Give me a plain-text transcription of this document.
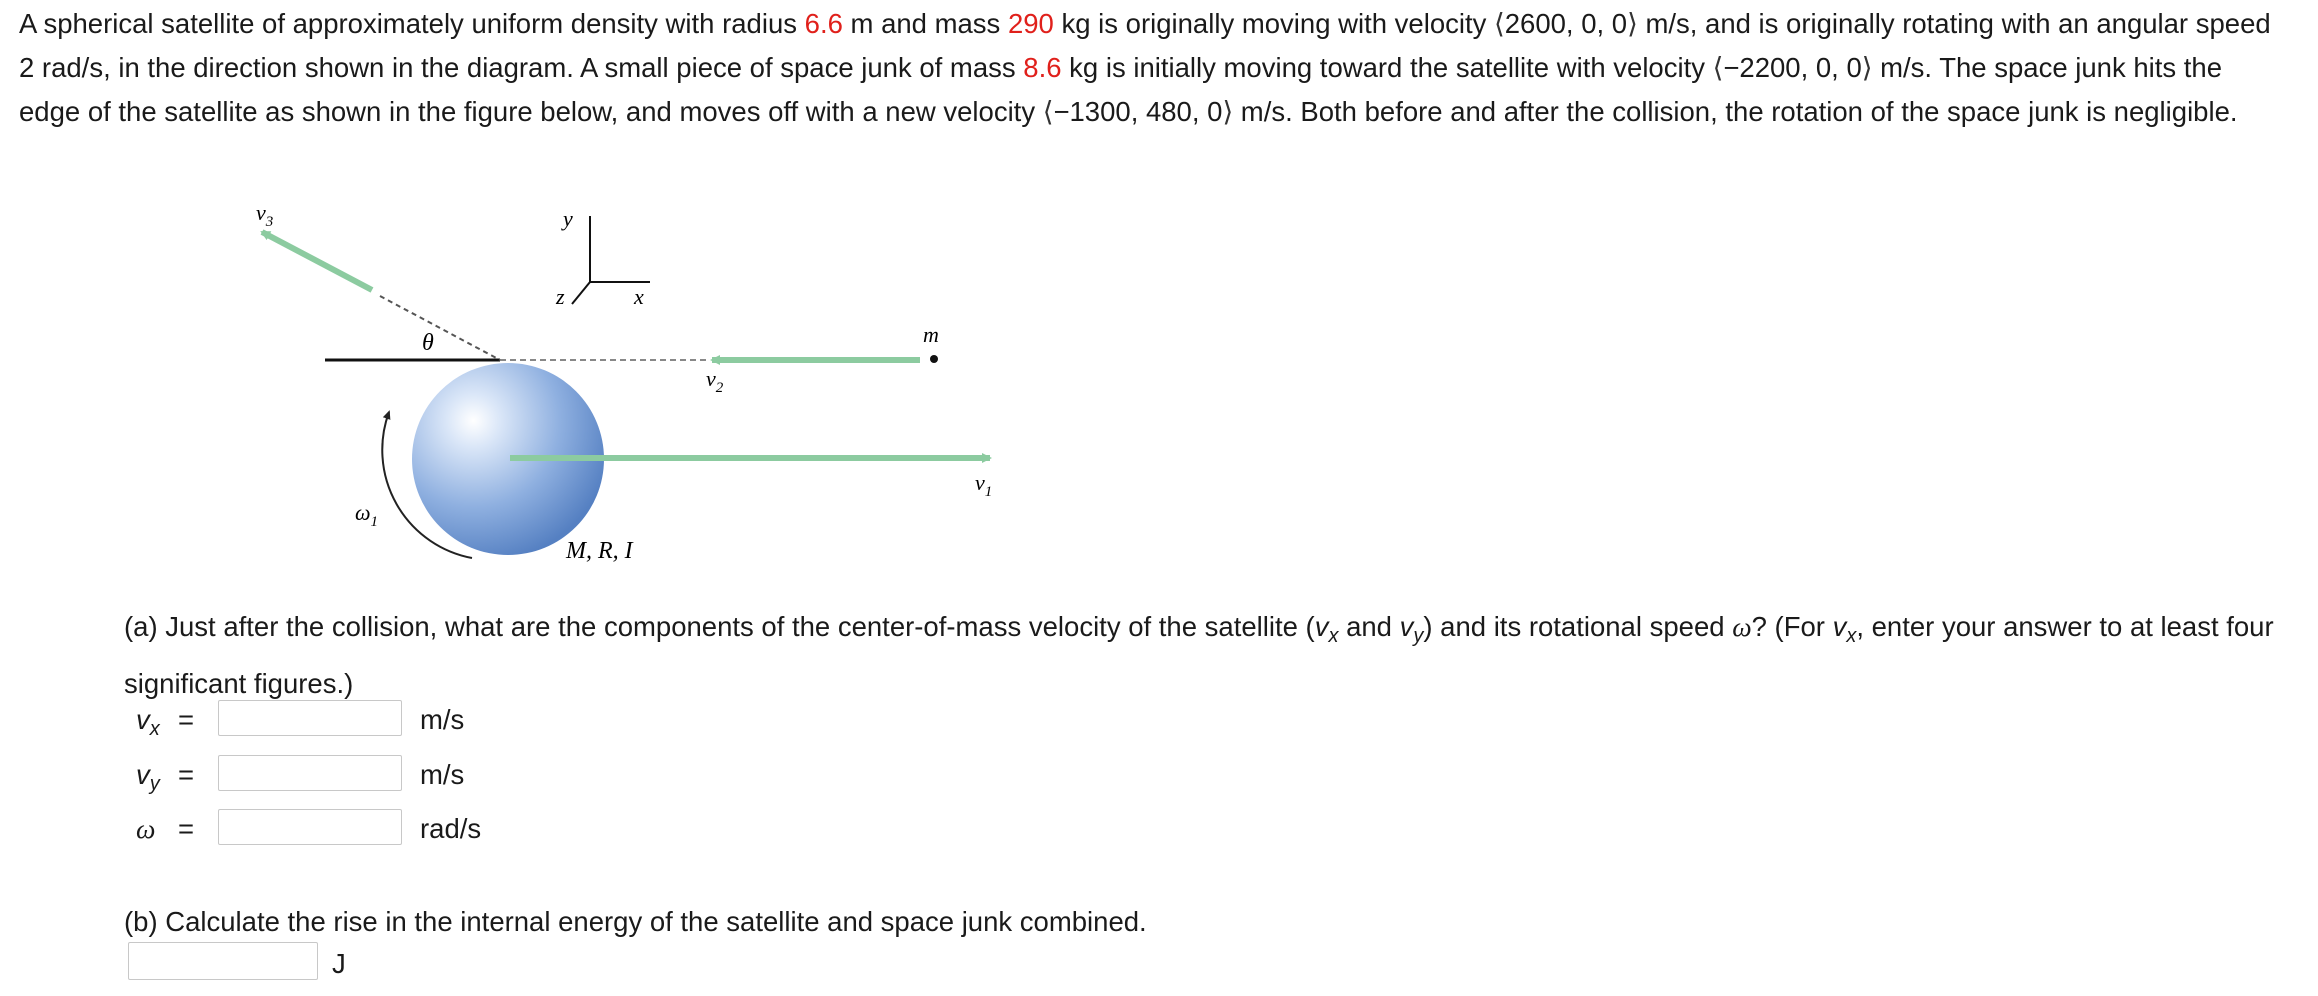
A spherical satellite of approximately uniform density with radius 6.6 m and mass 290 kg is originally moving with velocity ⟨2600, 0, 0⟩ m/s, and is originally rotating with an angular speed 2 rad/s, in the direction shown in the diagram. A small piece of space junk of mass 8.6 kg is initially moving toward the satellite with velocity ⟨−2200, 0, 0⟩ m/s. The space junk hits the edge of the satellite as shown in the figure below, and moves off with a new velocity ⟨−1300, 480, 0⟩ m/s. Both before and after the collision, the rotation of the space junk is negligible.
y
x
z
θ
$\omega_1$
$v_1$
$v_2$
m
$v_3$
M, R, I
(a) Just after the collision, what are the components of the center-of-mass velocity of the satellite ($v_x$ and $v_y$) and its rotational speed ω? (For $v_x$, enter your answer to at least four significant figures.)
$v_x$ =	m/s
$v_y$ =	m/s
ω =	rad/s
(b) Calculate the rise in the internal energy of the satellite and space junk combined.
J
